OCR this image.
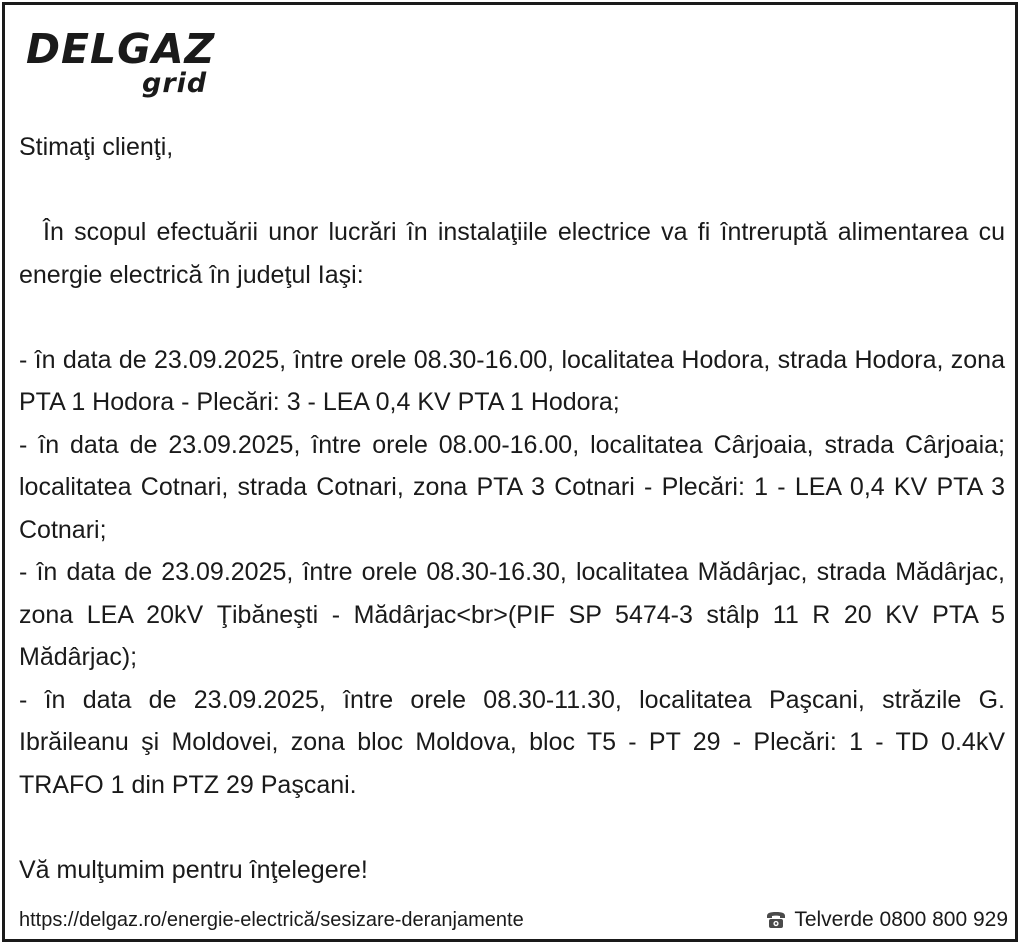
DELGAZ
grid

Stimaţi clienţi,

În scopul efectuării unor lucrări în instalaţiile electrice va fi întreruptă alimentarea cu energie electrică în judeţul Iaşi:

- în data de 23.09.2025, între orele 08.30-16.00, localitatea Hodora, strada Hodora, zona PTA 1 Hodora - Plecări: 3 - LEA 0,4 KV PTA 1 Hodora;

- în data de 23.09.2025, între orele 08.00-16.00, localitatea Cârjoaia, strada Cârjoaia; localitatea Cotnari, strada Cotnari, zona PTA 3 Cotnari - Plecări: 1 - LEA 0,4 KV PTA 3 Cotnari;

- în data de 23.09.2025, între orele 08.30-16.30, localitatea Mădârjac, strada Mădârjac, zona LEA 20kV Ţibăneşti - Mădârjac<br>(PIF SP 5474-3 stâlp 11 R 20 KV PTA 5 Mădârjac);

- în data de 23.09.2025, între orele 08.30-11.30, localitatea Paşcani, străzile G. Ibrăileanu şi Moldovei, zona bloc Moldova, bloc T5 - PT 29 - Plecări: 1 - TD 0.4kV TRAFO 1 din PTZ 29 Paşcani.

Vă mulţumim pentru înţelegere!

https://delgaz.ro/energie-electrică/sesizare-deranjamente	Telverde 0800 800 929
